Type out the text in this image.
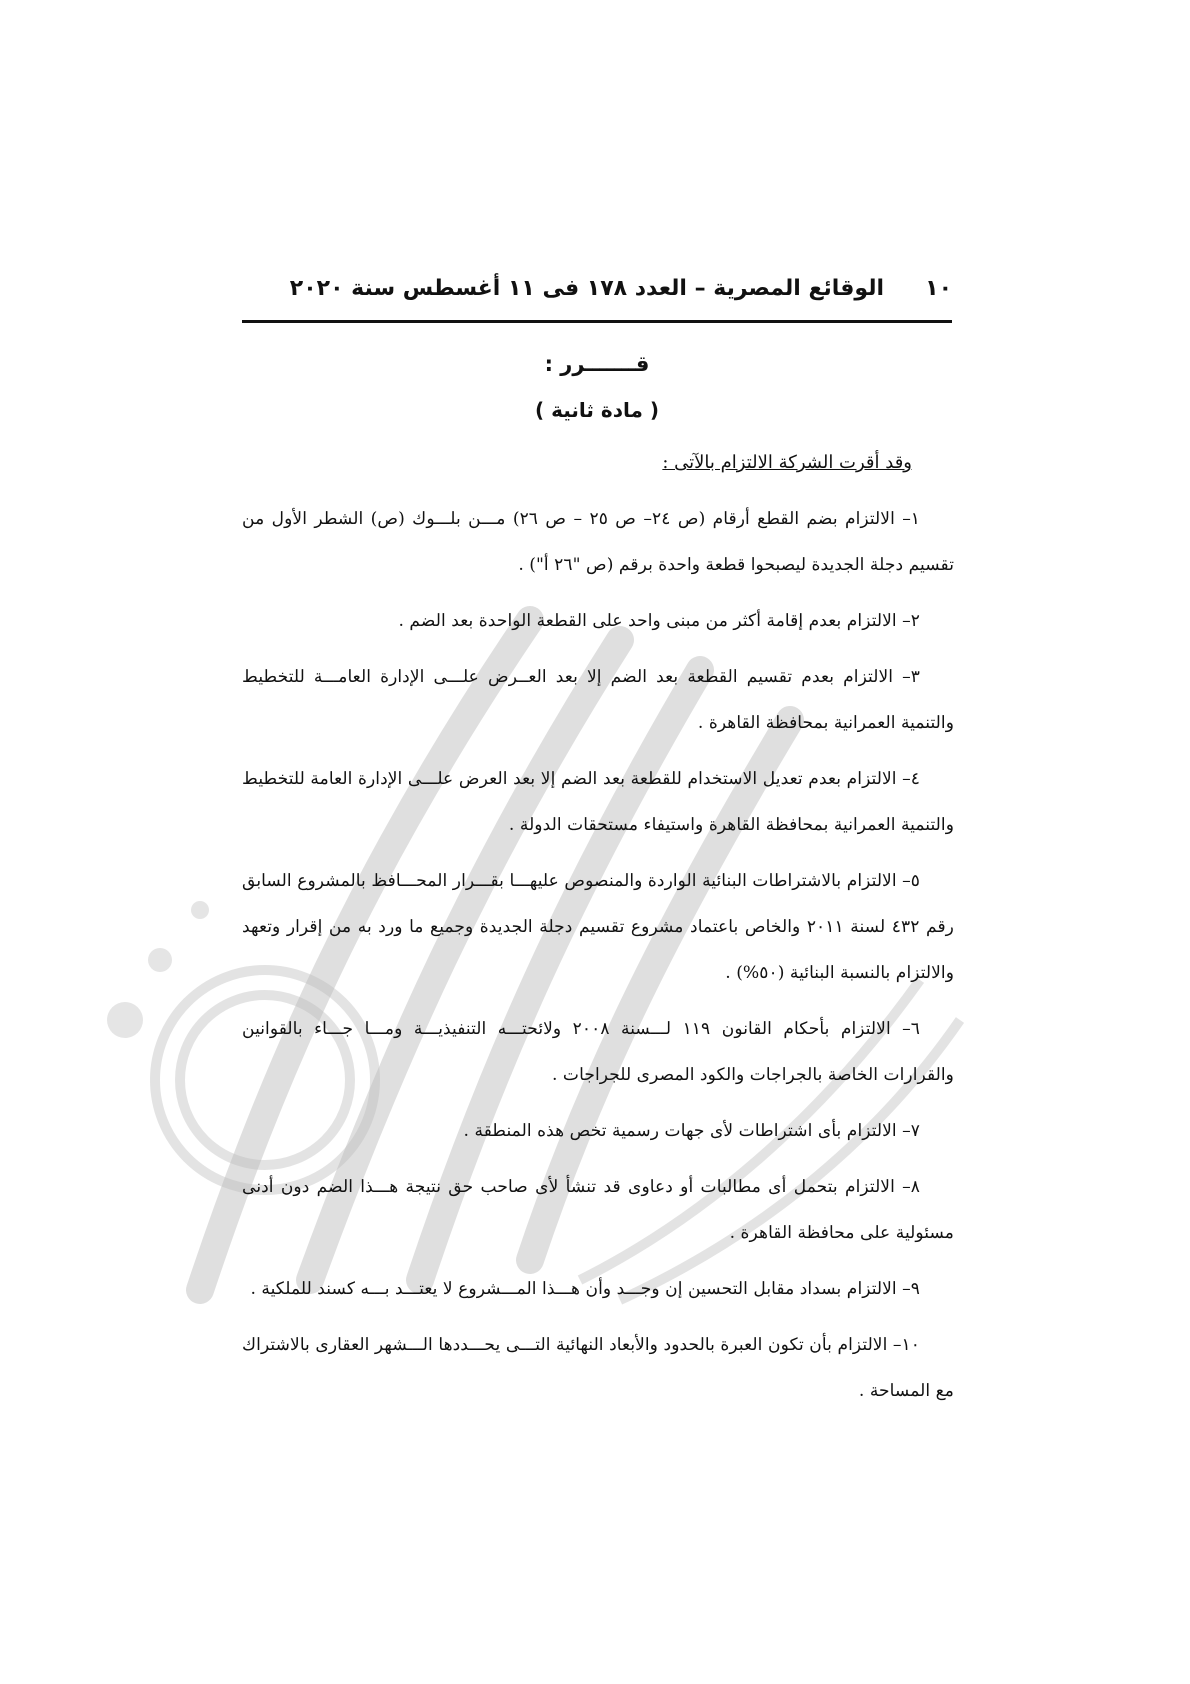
١٠
الوقائع المصرية – العدد ١٧٨ فى ١١ أغسطس سنة ٢٠٢٠
قـــــــرر :
( مادة ثانية )
وقد أقرت الشركة الالتزام بالآتى :
١– الالتزام بضم القطع أرقام (ص ٢٤– ص ٢٥ – ص ٢٦) مـــن بلـــوك (ص) الشطر الأول من تقسيم دجلة الجديدة ليصبحوا قطعة واحدة برقم (ص "٢٦ أ") .
٢– الالتزام بعدم إقامة أكثر من مبنى واحد على القطعة الواحدة بعد الضم .
٣– الالتزام بعدم تقسيم القطعة بعد الضم إلا بعد العــرض علـــى الإدارة العامـــة للتخطيط والتنمية العمرانية بمحافظة القاهرة .
٤– الالتزام بعدم تعديل الاستخدام للقطعة بعد الضم إلا بعد العرض علـــى الإدارة العامة للتخطيط والتنمية العمرانية بمحافظة القاهرة واستيفاء مستحقات الدولة .
٥– الالتزام بالاشتراطات البنائية الواردة والمنصوص عليهـــا بقـــرار المحـــافظ بالمشروع السابق رقم ٤٣٢ لسنة ٢٠١١ والخاص باعتماد مشروع تقسيم دجلة الجديدة وجميع ما ورد به من إقرار وتعهد والالتزام بالنسبة البنائية (٥٠%) .
٦– الالتزام بأحكام القانون ١١٩ لـــسنة ٢٠٠٨ ولائحتـــه التنفيذيـــة ومـــا جـــاء بالقوانين والقرارات الخاصة بالجراجات والكود المصرى للجراجات .
٧– الالتزام بأى اشتراطات لأى جهات رسمية تخص هذه المنطقة .
٨– الالتزام بتحمل أى مطالبات أو دعاوى قد تنشأ لأى صاحب حق نتيجة هـــذا الضم دون أدنى مسئولية على محافظة القاهرة .
٩– الالتزام بسداد مقابل التحسين إن وجـــد وأن هـــذا المـــشروع لا يعتـــد بـــه كسند للملكية .
١٠– الالتزام بأن تكون العبرة بالحدود والأبعاد النهائية التـــى يحـــددها الـــشهر العقارى بالاشتراك مع المساحة .
